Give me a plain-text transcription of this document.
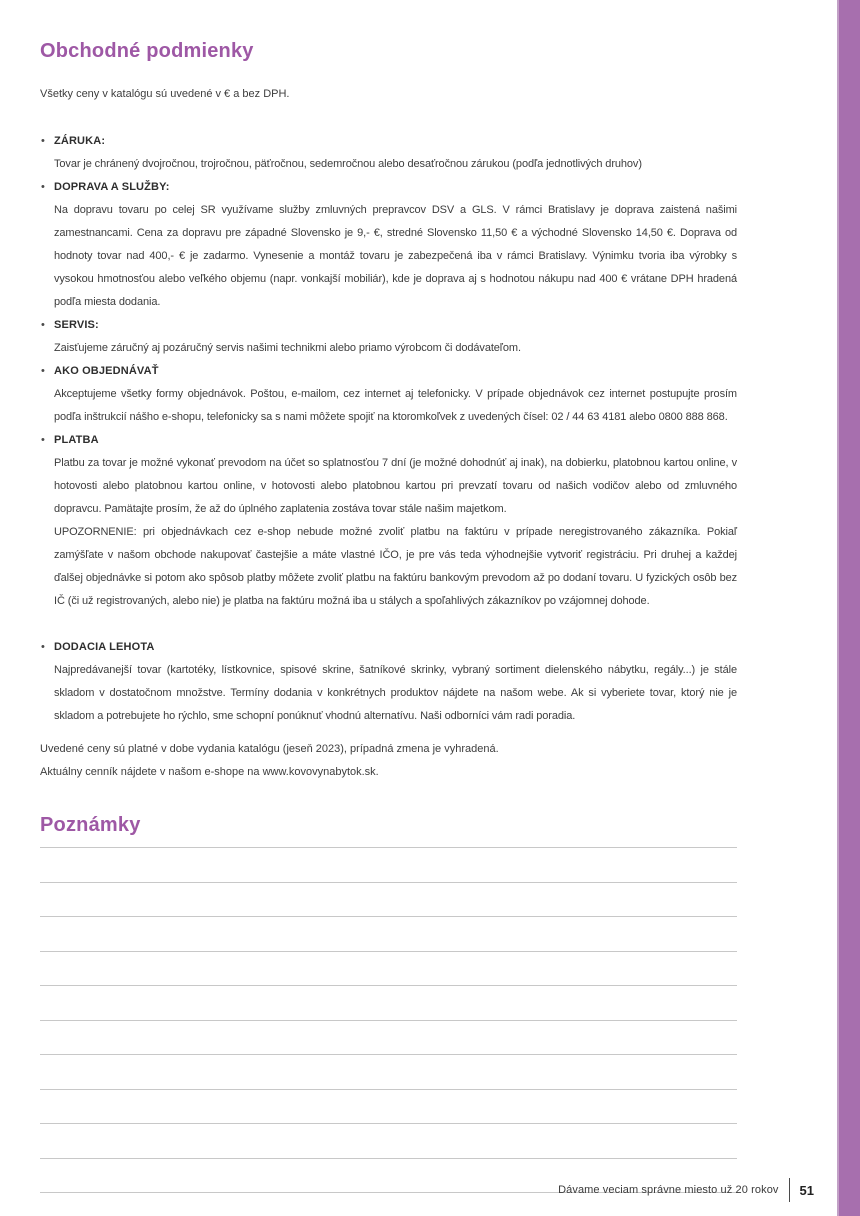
Obchodné podmienky

Všetky ceny v katalógu sú uvedené v € a bez DPH.

• ZÁRUKA:

Tovar je chránený dvojročnou, trojročnou, päťročnou, sedemročnou alebo desaťročnou zárukou (podľa jednotlivých druhov)

• DOPRAVA A SLUŽBY:

Na dopravu tovaru po celej SR využívame služby zmluvných prepravcov DSV a GLS. V rámci Bratislavy je doprava zaistená našimi zamestnancami. Cena za dopravu pre západné Slovensko je 9,- €, stredné Slovensko 11,50 € a východné Slovensko 14,50 €. Doprava od hodnoty tovar nad 400,- € je zadarmo. Vynesenie a montáž tovaru je zabezpečená iba v rámci Bratislavy. Výnimku tvoria iba výrobky s vysokou hmotnosťou alebo veľkého objemu (napr. vonkajší mobiliár), kde je doprava aj s hodnotou nákupu nad 400 € vrátane DPH hradená podľa miesta dodania.

• SERVIS:

Zaisťujeme záručný aj pozáručný servis našimi technikmi alebo priamo výrobcom či dodávateľom.

• AKO OBJEDNÁVAŤ

Akceptujeme všetky formy objednávok. Poštou, e-mailom, cez internet aj telefonicky. V prípade objednávok cez internet postupujte prosím podľa inštrukcií nášho e-shopu, telefonicky sa s nami môžete spojiť na ktoromkoľvek z uvedených čísel: 02 / 44 63 4181 alebo 0800 888 868.

• PLATBA

Platbu za tovar je možné vykonať prevodom na účet so splatnosťou 7 dní (je možné dohodnúť aj inak), na dobierku, platobnou kartou online, v hotovosti alebo platobnou kartou online, v hotovosti alebo platobnou kartou pri prevzatí tovaru od našich vodičov alebo od zmluvného dopravcu. Pamätajte prosím, že až do úplného zaplatenia zostáva tovar stále našim majetkom.

UPOZORNENIE: pri objednávkach cez e-shop nebude možné zvoliť platbu na faktúru v prípade neregistrovaného zákazníka. Pokiaľ zamýšľate v našom obchode nakupovať častejšie a máte vlastné IČO, je pre vás teda výhodnejšie vytvoriť registráciu. Pri druhej a každej ďalšej objednávke si potom ako spôsob platby môžete zvoliť platbu na faktúru bankovým prevodom až po dodaní tovaru. U fyzických osôb bez IČ (či už registrovaných, alebo nie) je platba na faktúru možná iba u stálych a spoľahlivých zákazníkov po vzájomnej dohode.

• DODACIA LEHOTA

Najpredávanejší tovar (kartotéky, lístkovnice, spisové skrine, šatníkové skrinky, vybraný sortiment dielenského nábytku, regály...) je stále skladom v dostatočnom množstve. Termíny dodania v konkrétnych produktov nájdete na našom webe. Ak si vyberiete tovar, ktorý nie je skladom a potrebujete ho rýchlo, sme schopní ponúknuť vhodnú alternatívu. Naši odborníci vám radi poradia.

Uvedené ceny sú platné v dobe vydania katalógu (jeseň 2023), prípadná zmena je vyhradená.

Aktuálny cenník nájdete v našom e-shope na www.kovovynabytok.sk.

Poznámky
Dávame veciam správne miesto už 20 rokov 51
